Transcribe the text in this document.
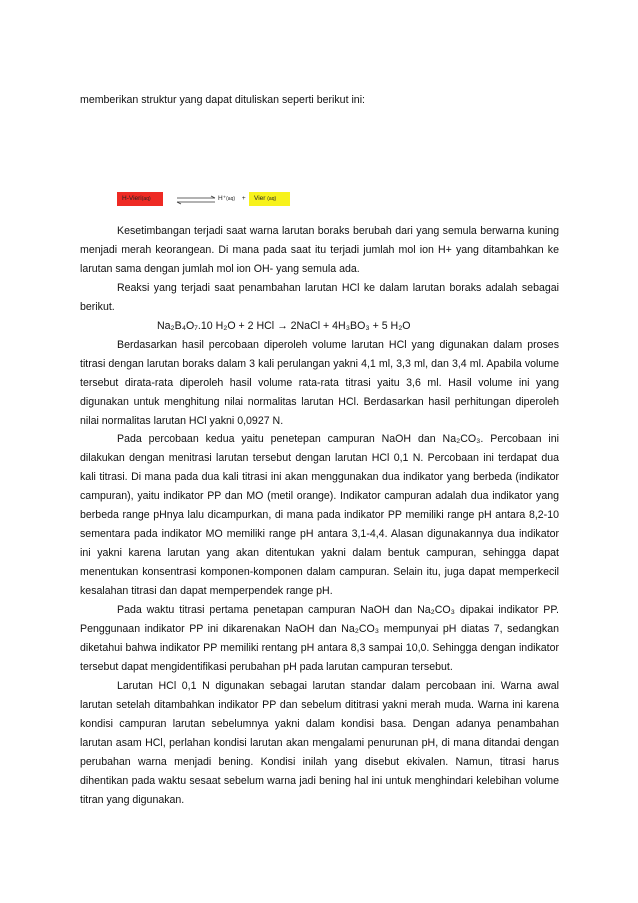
memberikan struktur yang dapat dituliskan seperti berikut ini:
H-Vieri(aq)	⇌ H⁺(aq) +	Vier (aq)

Kesetimbangan terjadi saat warna larutan boraks berubah dari yang semula berwarna kuning menjadi merah keorangean. Di mana pada saat itu terjadi jumlah mol ion H+ yang ditambahkan ke larutan sama dengan jumlah mol ion OH- yang semula ada.

Reaksi yang terjadi saat penambahan larutan HCl ke dalam larutan boraks adalah sebagai berikut.

Na₂B₄O₇.10 H₂O + 2 HCl → 2NaCl + 4H₃BO₃ + 5 H₂O

Berdasarkan hasil percobaan diperoleh volume larutan HCl yang digunakan dalam proses titrasi dengan larutan boraks dalam 3 kali perulangan yakni 4,1 ml, 3,3 ml, dan 3,4 ml. Apabila volume tersebut dirata-rata diperoleh hasil volume rata-rata titrasi yaitu 3,6 ml. Hasil volume ini yang digunakan untuk menghitung nilai normalitas larutan HCl. Berdasarkan hasil perhitungan diperoleh nilai normalitas larutan HCl yakni 0,0927 N.

Pada percobaan kedua yaitu penetepan campuran NaOH dan Na₂CO₃. Percobaan ini dilakukan dengan menitrasi larutan tersebut dengan larutan HCl 0,1 N. Percobaan ini terdapat dua kali titrasi. Di mana pada dua kali titrasi ini akan menggunakan dua indikator yang berbeda (indikator campuran), yaitu indikator PP dan MO (metil orange). Indikator campuran adalah dua indikator yang berbeda range pHnya lalu dicampurkan, di mana pada indikator PP memiliki range pH antara 8,2-10 sementara pada indikator MO memiliki range pH antara 3,1-4,4. Alasan digunakannya dua indikator ini yakni karena larutan yang akan ditentukan yakni dalam bentuk campuran, sehingga dapat menentukan konsentrasi komponen-komponen dalam campuran. Selain itu, juga dapat memperkecil kesalahan titrasi dan dapat memperpendek range pH.

Pada waktu titrasi pertama penetapan campuran NaOH dan Na₂CO₃ dipakai indikator PP. Penggunaan indikator PP ini dikarenakan NaOH dan Na₂CO₃ mempunyai pH diatas 7, sedangkan diketahui bahwa indikator PP memiliki rentang pH antara 8,3 sampai 10,0. Sehingga dengan indikator tersebut dapat mengidentifikasi perubahan pH pada larutan campuran tersebut.

Larutan HCl 0,1 N digunakan sebagai larutan standar dalam percobaan ini. Warna awal larutan setelah ditambahkan indikator PP dan sebelum dititrasi yakni merah muda. Warna ini karena kondisi campuran larutan sebelumnya yakni dalam kondisi basa. Dengan adanya penambahan larutan asam HCl, perlahan kondisi larutan akan mengalami penurunan pH, di mana ditandai dengan perubahan warna menjadi bening. Kondisi inilah yang disebut ekivalen. Namun, titrasi harus dihentikan pada waktu sesaat sebelum warna jadi bening hal ini untuk menghindari kelebihan volume titran yang digunakan.
